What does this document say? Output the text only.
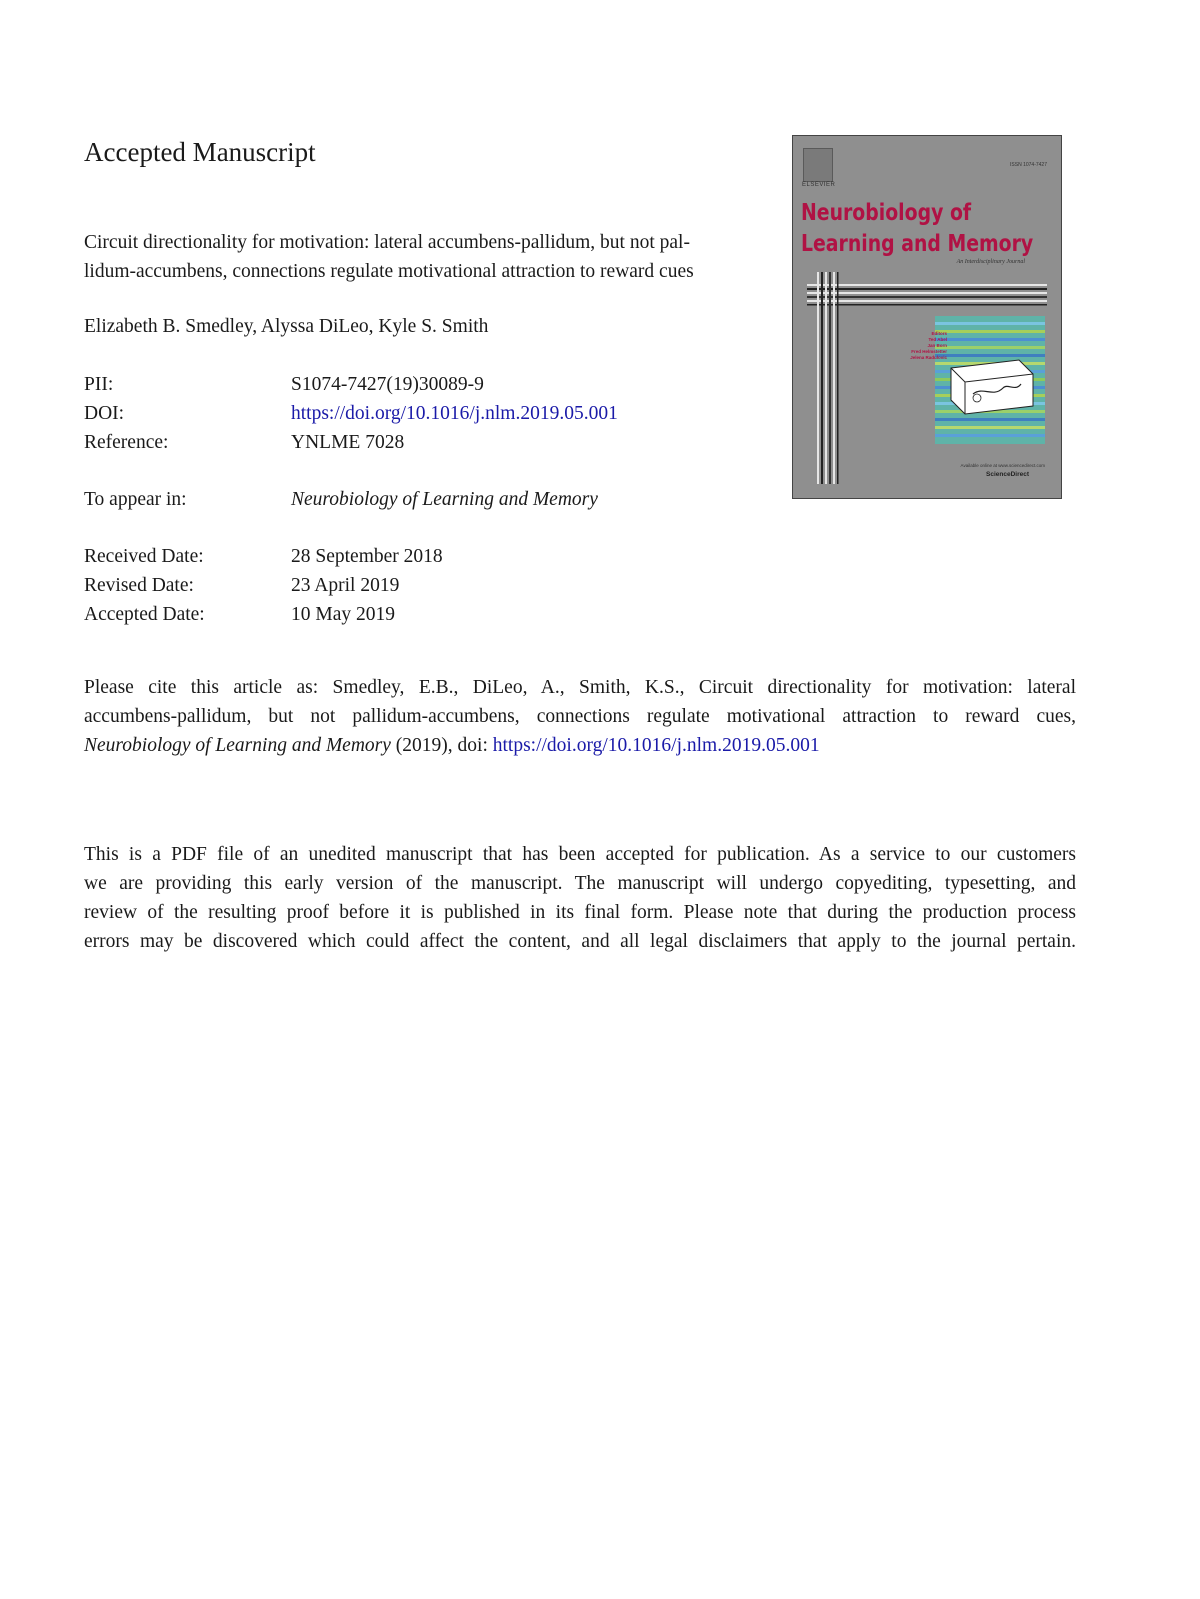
Accepted Manuscript
Circuit directionality for motivation: lateral accumbens-pallidum, but not pal-
lidum-accumbens, connections regulate motivational attraction to reward cues
Elizabeth B. Smedley, Alyssa DiLeo, Kyle S. Smith
PII:	S1074-7427(19)30089-9
DOI:	https://doi.org/10.1016/j.nlm.2019.05.001
Reference:	YNLME 7028
To appear in:	Neurobiology of Learning and Memory
Received Date:	28 September 2018
Revised Date:	23 April 2019
Accepted Date:	10 May 2019
Please cite this article as: Smedley, E.B., DiLeo, A., Smith, K.S., Circuit directionality for motivation: lateral
accumbens-pallidum, but not pallidum-accumbens, connections regulate motivational attraction to reward cues,
Neurobiology of Learning and Memory (2019), doi: https://doi.org/10.1016/j.nlm.2019.05.001
This is a PDF file of an unedited manuscript that has been accepted for publication. As a service to our customers
we are providing this early version of the manuscript. The manuscript will undergo copyediting, typesetting, and
review of the resulting proof before it is published in its final form. Please note that during the production process
errors may be discovered which could affect the content, and all legal disclaimers that apply to the journal pertain.
ELSEVIER
ISSN 1074-7427
Neurobiology of
Learning and Memory
An Interdisciplinary Journal
Editors
Ted Abel
Jan Born
Fred Helmstetter
Jelena Radulovic
Available online at www.sciencedirect.com
ScienceDirect
